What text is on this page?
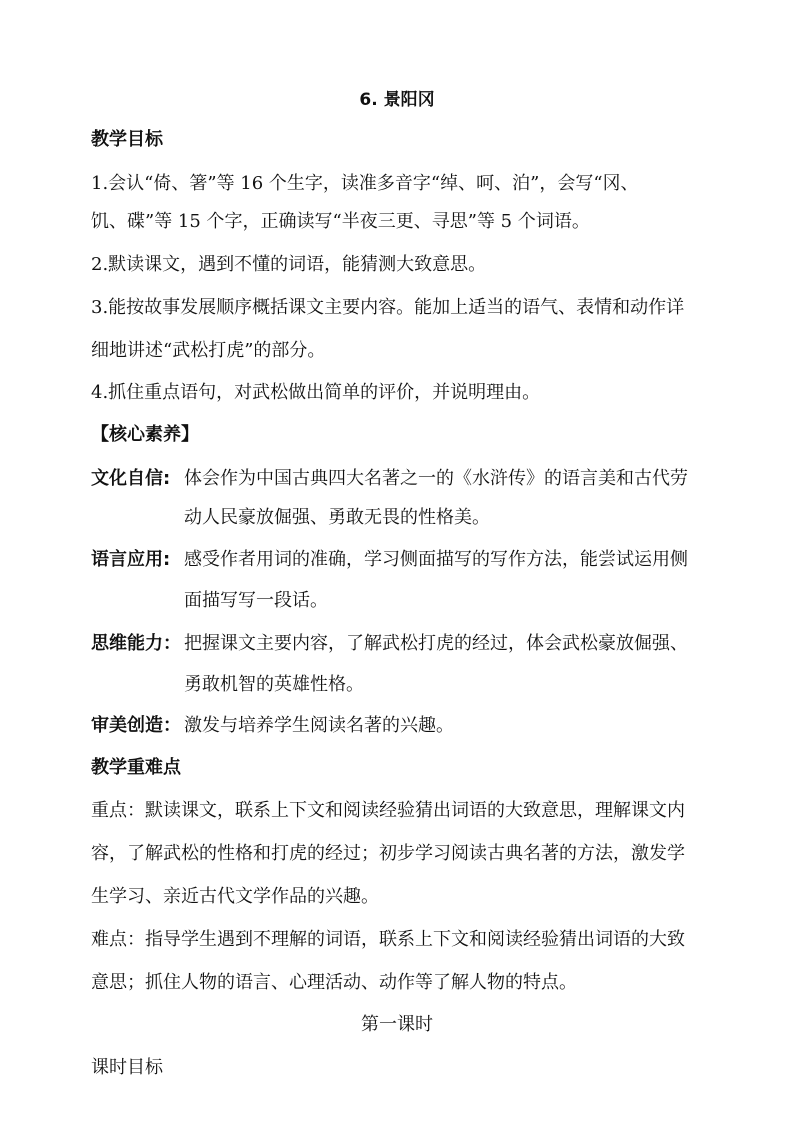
6. 景阳冈
教学目标
1.会认“倚、箸”等 16 个生字，读准多音字“绰、呵、泊”，会写“冈、
饥、碟”等 15 个字，正确读写“半夜三更、寻思”等 5 个词语。
2.默读课文，遇到不懂的词语，能猜测大致意思。
3.能按故事发展顺序概括课文主要内容。能加上适当的语气、表情和动作详
细地讲述“武松打虎”的部分。
4.抓住重点语句，对武松做出简单的评价，并说明理由。
【核心素养】
文化自信: 体会作为中国古典四大名著之一的《水浒传》的语言美和古代劳
动人民豪放倔强、勇敢无畏的性格美。
语言应用: 感受作者用词的准确，学习侧面描写的写作方法，能尝试运用侧
面描写写一段话。
思维能力： 把握课文主要内容，了解武松打虎的经过，体会武松豪放倔强、
勇敢机智的英雄性格。
审美创造： 激发与培养学生阅读名著的兴趣。
教学重难点
重点：默读课文，联系上下文和阅读经验猜出词语的大致意思，理解课文内
容，了解武松的性格和打虎的经过；初步学习阅读古典名著的方法，激发学
生学习、亲近古代文学作品的兴趣。
难点：指导学生遇到不理解的词语，联系上下文和阅读经验猜出词语的大致
意思；抓住人物的语言、心理活动、动作等了解人物的特点。
第一课时
课时目标
